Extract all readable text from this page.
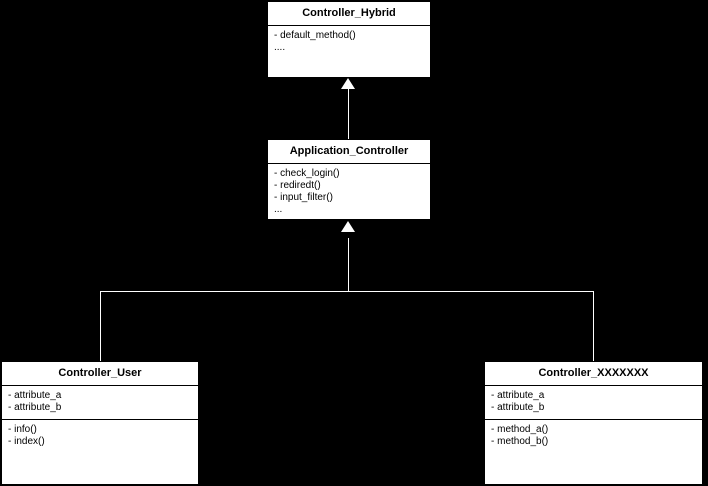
Controller_Hybrid
- default_method()
....
Application_Controller
- check_login()
- rediredt()
- input_filter()
...
Controller_User
- attribute_a
- attribute_b
- info()
- index()
Controller_XXXXXXX
- attribute_a
- attribute_b
- method_a()
- method_b()
